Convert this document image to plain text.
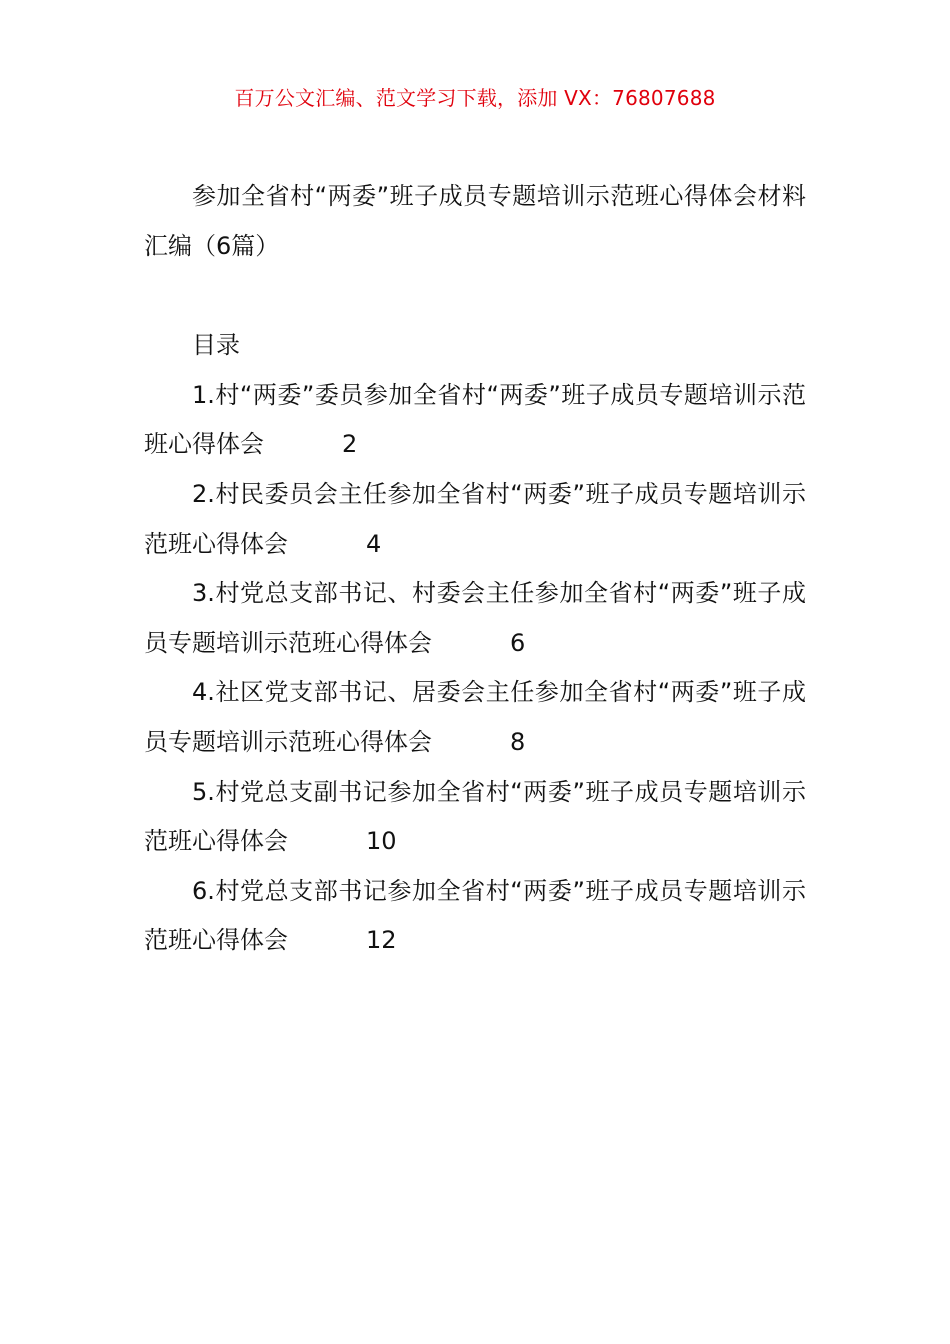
百万公文汇编、范文学习下载，添加 VX：76807688

参加全省村“两委”班子成员专题培训示范班心得体会材料汇编（6篇）

目录

1.村“两委”委员参加全省村“两委”班子成员专题培训示范班心得体会	2

2.村民委员会主任参加全省村“两委”班子成员专题培训示范班心得体会	4

3.村党总支部书记、村委会主任参加全省村“两委”班子成员专题培训示范班心得体会	6

4.社区党支部书记、居委会主任参加全省村“两委”班子成员专题培训示范班心得体会	8

5.村党总支副书记参加全省村“两委”班子成员专题培训示范班心得体会	10

6.村党总支部书记参加全省村“两委”班子成员专题培训示范班心得体会	12
